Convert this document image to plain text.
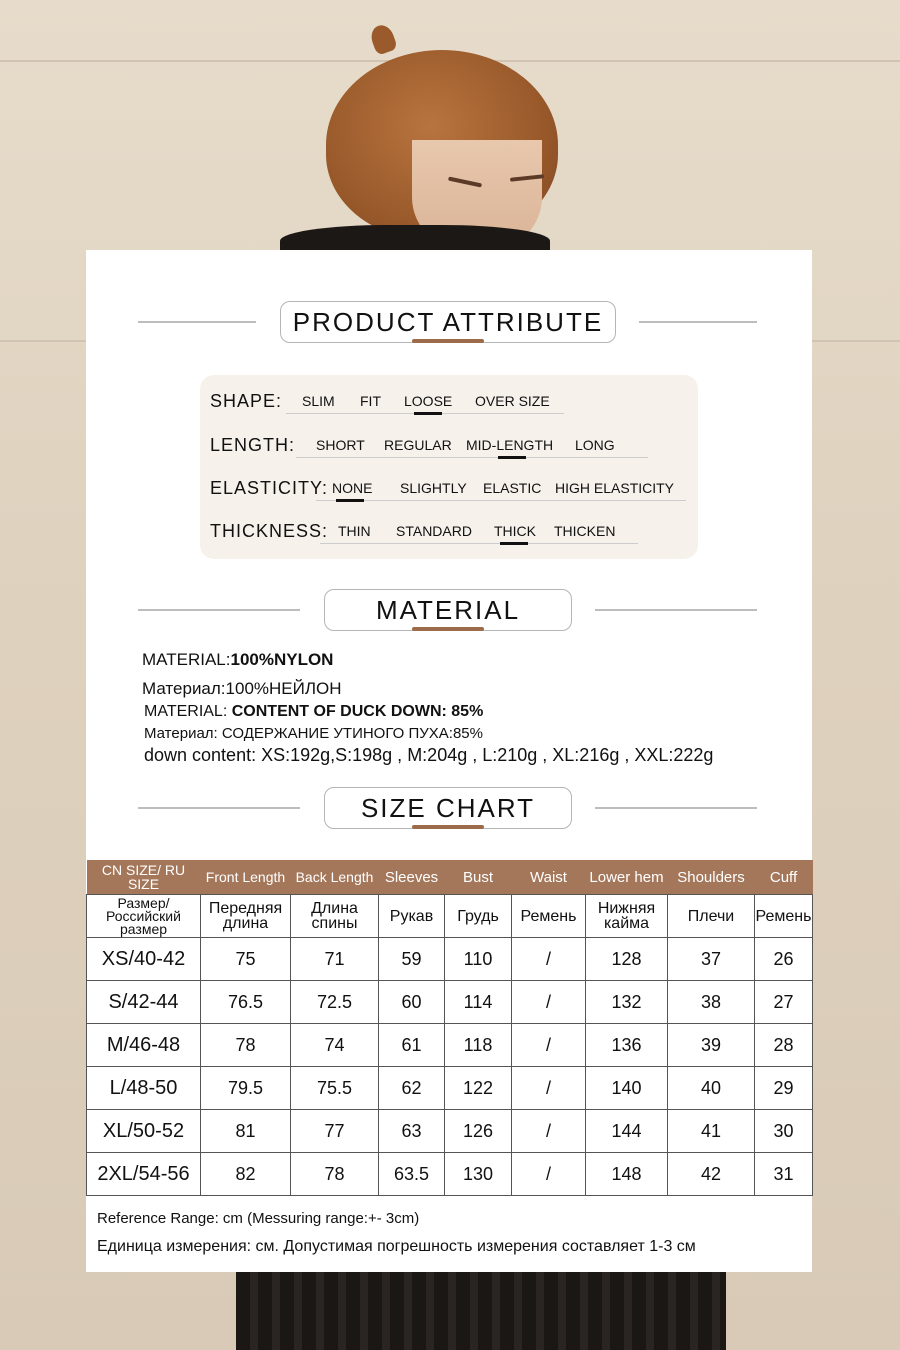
PRODUCT ATTRIBUTE
SHAPE: SLIM FIT LOOSE OVER SIZE
LENGTH: SHORT REGULAR MID-LENGTH LONG
ELASTICITY: NONE SLIGHTLY ELASTIC HIGH ELASTICITY
THICKNESS: THIN STANDARD THICK THICKEN
MATERIAL
MATERIAL:100%NYLON
Материал:100%НЕЙЛОН
MATERIAL: CONTENT OF DUCK DOWN: 85%
Материал: СОДЕРЖАНИЕ УТИНОГО ПУХА:85%
down content: XS:192g,S:198g , M:204g , L:210g , XL:216g , XXL:222g
SIZE CHART
CN SIZE/ RU SIZE	Front Length	Back Length	Sleeves	Bust	Waist	Lower hem	Shoulders	Cuff
Размер/ Российский размер	Передняя длина	Длина спины	Рукав	Грудь	Ремень	Нижняя кайма	Плечи	Ремень
XS/40-42	75	71	59	110	/	128	37	26
S/42-44	76.5	72.5	60	114	/	132	38	27
M/46-48	78	74	61	118	/	136	39	28
L/48-50	79.5	75.5	62	122	/	140	40	29
XL/50-52	81	77	63	126	/	144	41	30
2XL/54-56	82	78	63.5	130	/	148	42	31
Reference Range: cm (Messuring range:+- 3cm)
Единица измерения: см. Допустимая погрешность измерения составляет 1-3 см
